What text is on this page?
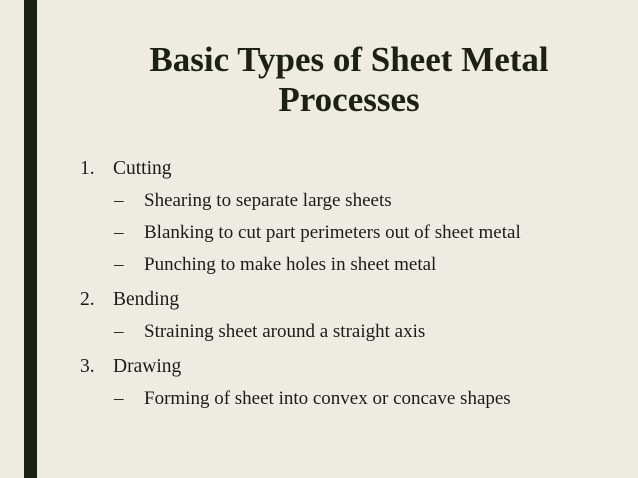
Basic Types of Sheet Metal
Processes
1. Cutting
– Shearing to separate large sheets
– Blanking to cut part perimeters out of sheet metal
– Punching to make holes in sheet metal
2. Bending
– Straining sheet around a straight axis
3. Drawing
– Forming of sheet into convex or concave shapes
